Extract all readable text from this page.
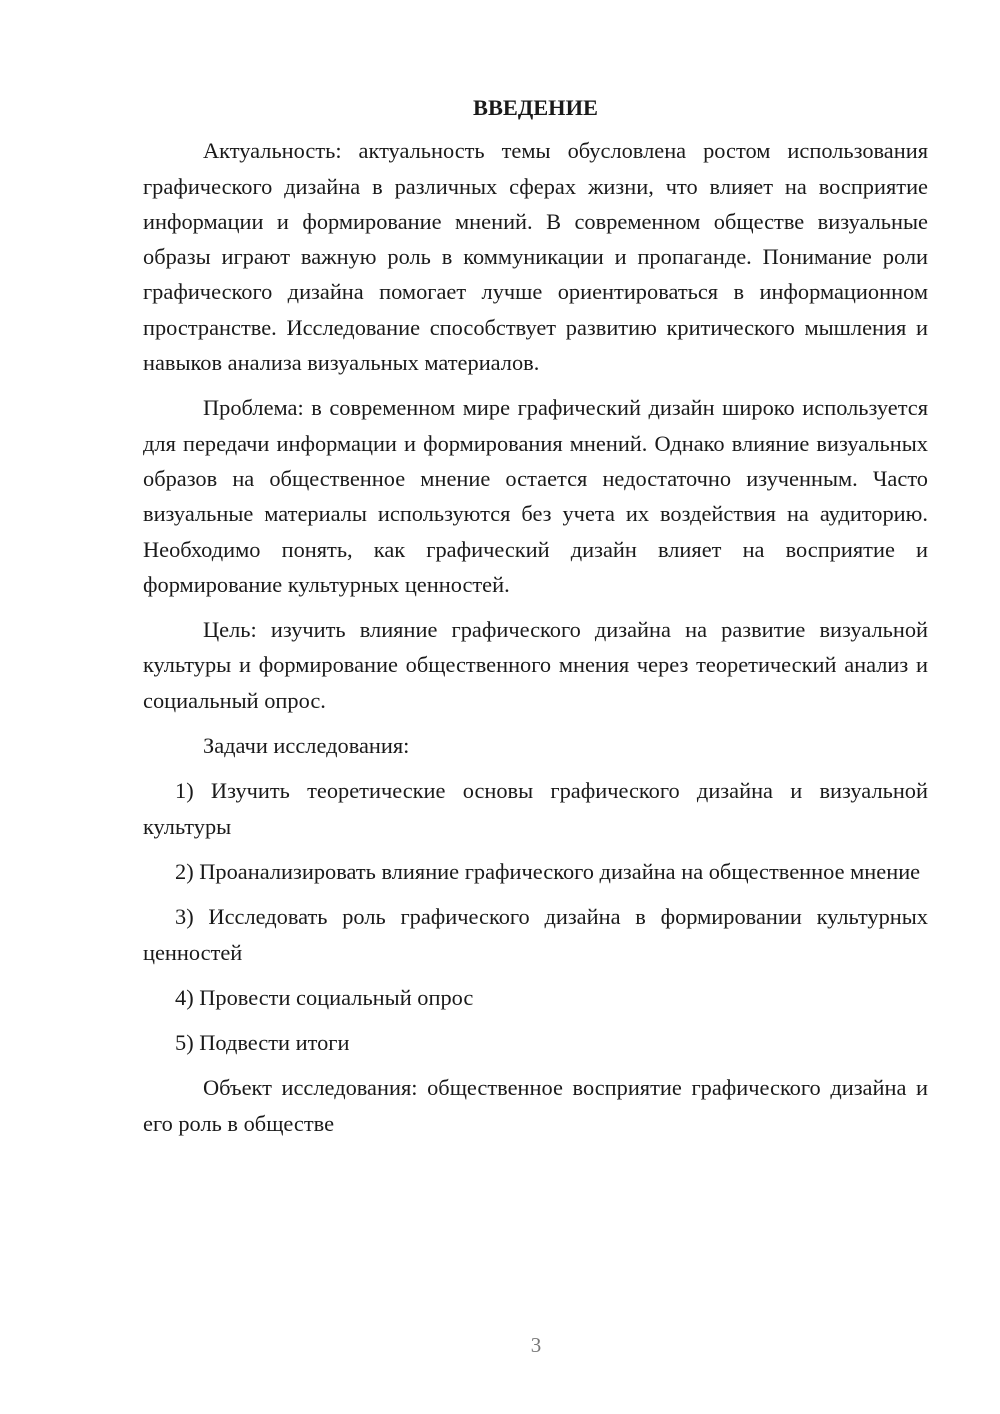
ВВЕДЕНИЕ

Актуальность: актуальность темы обусловлена ростом использования графического дизайна в различных сферах жизни, что влияет на восприятие информации и формирование мнений. В современном обществе визуальные образы играют важную роль в коммуникации и пропаганде. Понимание роли графического дизайна помогает лучше ориентироваться в информационном пространстве. Исследование способствует развитию критического мышления и навыков анализа визуальных материалов.

Проблема: в современном мире графический дизайн широко используется для передачи информации и формирования мнений. Однако влияние визуальных образов на общественное мнение остается недостаточно изученным. Часто визуальные материалы используются без учета их воздействия на аудиторию. Необходимо понять, как графический дизайн влияет на восприятие и формирование культурных ценностей.

Цель: изучить влияние графического дизайна на развитие визуальной культуры и формирование общественного мнения через теоретический анализ и социальный опрос.

Задачи исследования:

1) Изучить теоретические основы графического дизайна и визуальной культуры

2) Проанализировать влияние графического дизайна на общественное мнение

3) Исследовать роль графического дизайна в формировании культурных ценностей

4) Провести социальный опрос

5) Подвести итоги

Объект исследования: общественное восприятие графического дизайна и его роль в обществе

3
